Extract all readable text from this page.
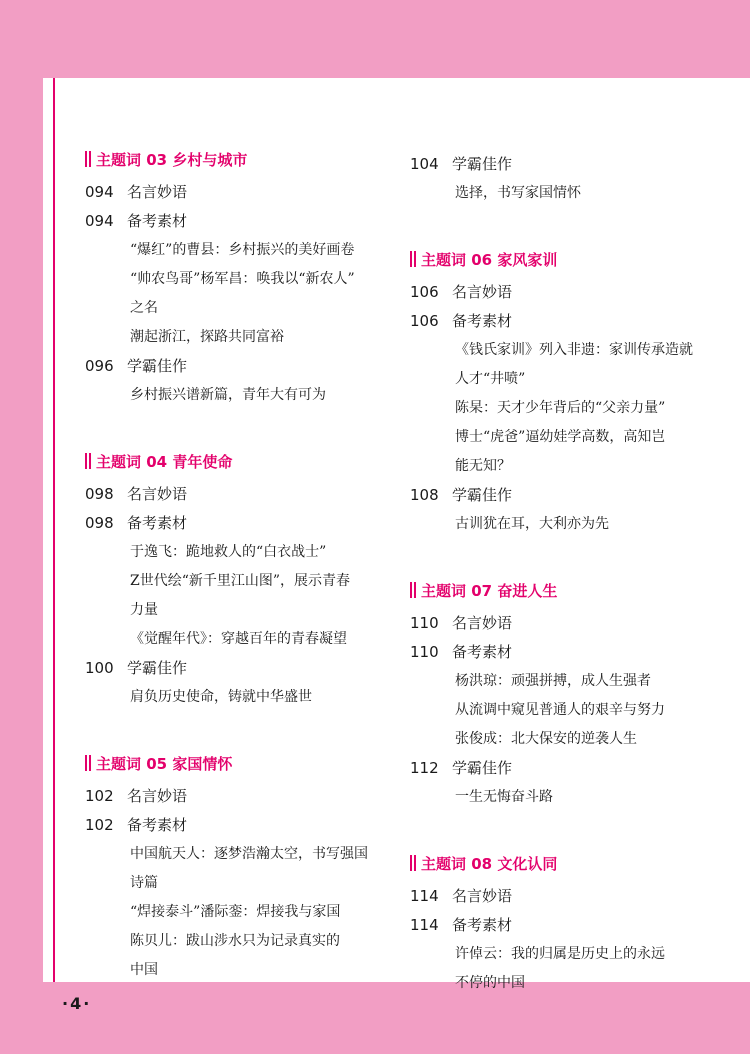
主题词 03 乡村与城市
094 名言妙语
094 备考素材
“爆红”的曹县：乡村振兴的美好画卷
“帅农鸟哥”杨军昌：唤我以“新农人”
之名
潮起浙江，探路共同富裕
096 学霸佳作
乡村振兴谱新篇，青年大有可为
主题词 04 青年使命
098 名言妙语
098 备考素材
于逸飞：跪地救人的“白衣战士”
Z世代绘“新千里江山图”，展示青春
力量
《觉醒年代》：穿越百年的青春凝望
100 学霸佳作
肩负历史使命，铸就中华盛世
主题词 05 家国情怀
102 名言妙语
102 备考素材
中国航天人：逐梦浩瀚太空，书写强国
诗篇
“焊接泰斗”潘际銮：焊接我与家国
陈贝儿：跋山涉水只为记录真实的
中国
104 学霸佳作
选择，书写家国情怀
主题词 06 家风家训
106 名言妙语
106 备考素材
《钱氏家训》列入非遗：家训传承造就
人才“井喷”
陈杲：天才少年背后的“父亲力量”
博士“虎爸”逼幼娃学高数，高知岂
能无知？
108 学霸佳作
古训犹在耳，大利亦为先
主题词 07 奋进人生
110 名言妙语
110 备考素材
杨洪琼：顽强拼搏，成人生强者
从流调中窥见普通人的艰辛与努力
张俊成：北大保安的逆袭人生
112 学霸佳作
一生无悔奋斗路
主题词 08 文化认同
114 名言妙语
114 备考素材
许倬云：我的归属是历史上的永远
不停的中国
·4·
